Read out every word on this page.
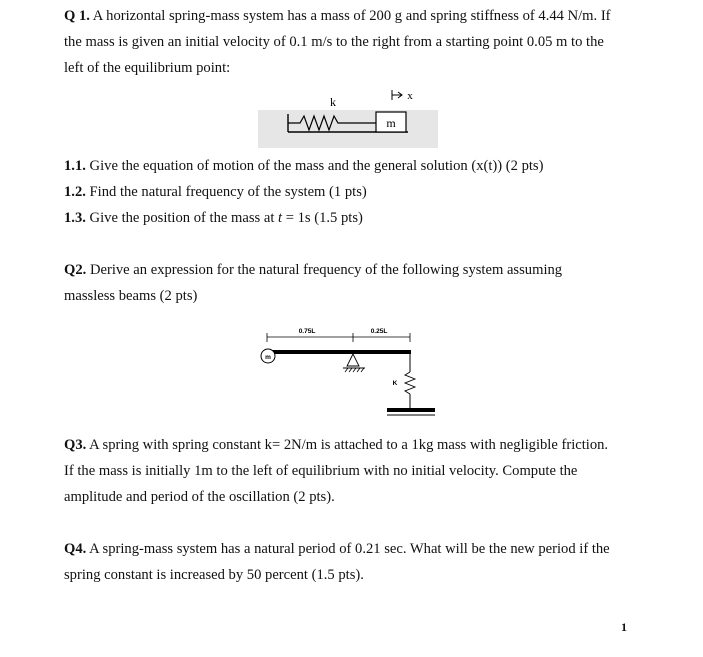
Q 1. A horizontal spring-mass system has a mass of 200 g and spring stiffness of 4.44 N/m. If
the mass is given an initial velocity of 0.1 m/s to the right from a starting point 0.05 m to the
left of the equilibrium point:
m
k	x
1.1. Give the equation of motion of the mass and the general solution (x(t)) (2 pts)
1.2. Find the natural frequency of the system (1 pts)
1.3. Give the position of the mass at t = 1s (1.5 pts)
Q2. Derive an expression for the natural frequency of the following system assuming
massless beams (2 pts)
0.75L	0.25L
m
K
Q3. A spring with spring constant k= 2N/m is attached to a 1kg mass with negligible friction.
If the mass is initially 1m to the left of equilibrium with no initial velocity. Compute the
amplitude and period of the oscillation (2 pts).
Q4. A spring-mass system has a natural period of 0.21 sec. What will be the new period if the
spring constant is increased by 50 percent (1.5 pts).
1
